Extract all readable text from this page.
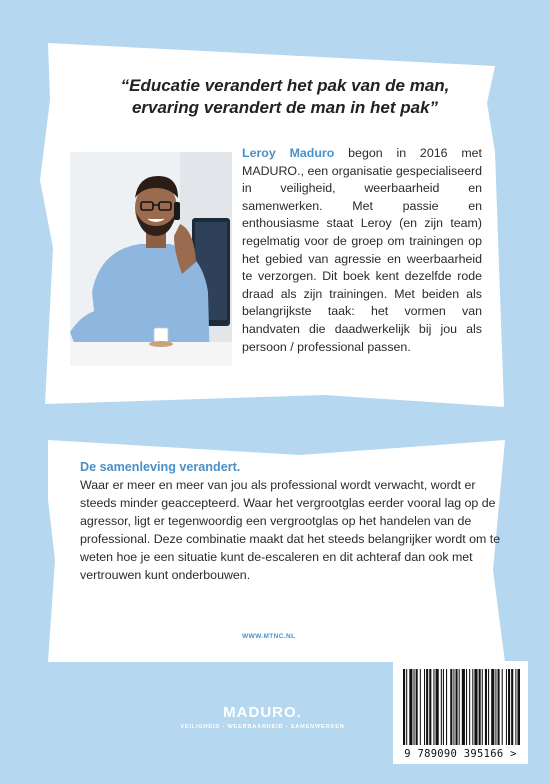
“Educatie verandert het pak van de man,
ervaring verandert de man in het pak”
Leroy Maduro begon in 2016 met MADURO., een organisatie gespecialiseerd in veiligheid, weerbaarheid en samenwerken. Met passie en enthousiasme staat Leroy (en zijn team) regelmatig voor de groep om trainingen op het gebied van agressie en weerbaarheid te verzorgen. Dit boek kent dezelfde rode draad als zijn trainingen. Met beiden als belangrijkste taak: het vormen van handvaten die daadwerkelijk bij jou als persoon / professional passen.
De samenleving verandert.
Waar er meer en meer van jou als professional wordt verwacht, wordt er steeds minder geaccepteerd. Waar het vergrootglas eerder vooral lag op de agressor, ligt er tegenwoordig een vergrootglas op het handelen van de professional. Deze combinatie maakt dat het steeds belangrijker wordt om te weten hoe je een situatie kunt de-escaleren en dit achteraf dan ook met vertrouwen kunt onderbouwen.
WWW.MTNC.NL
MADURO.
VEILIGHEID - WEERBAARHEID - SAMENWERKEN
9 789090 395166 >
